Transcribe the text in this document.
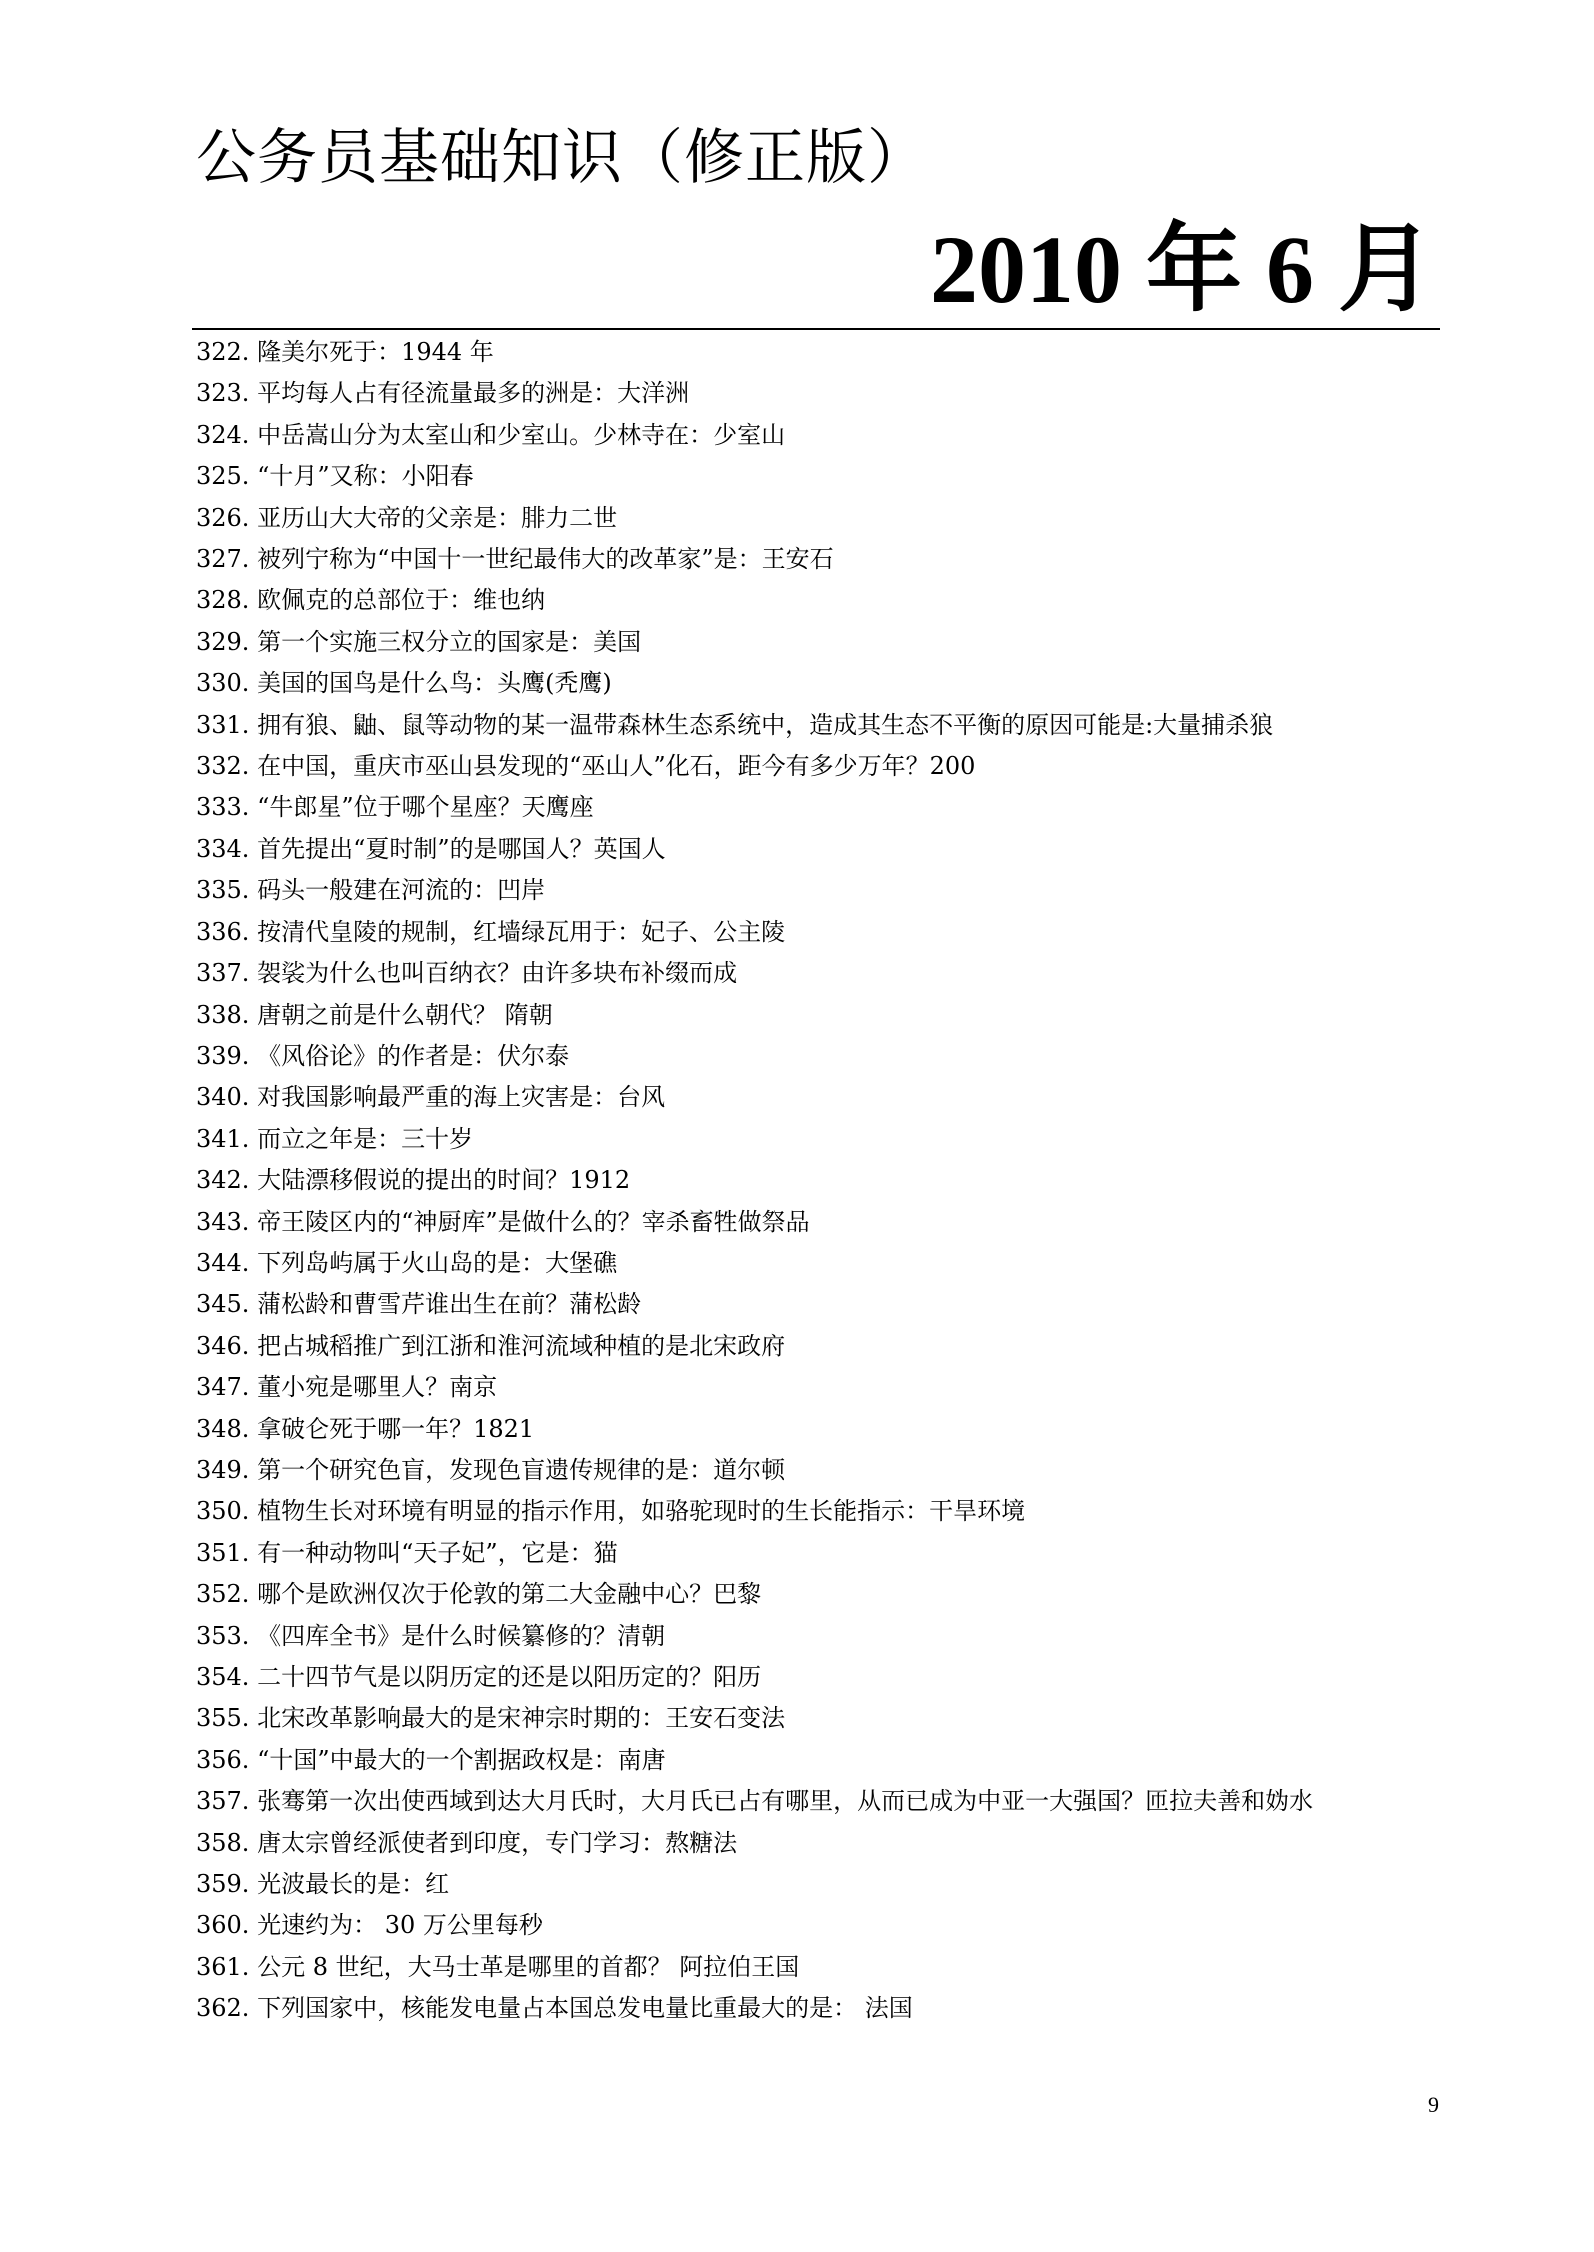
公务员基础知识（修正版）
2010 年 6 月
322. 隆美尔死于：1944 年
323. 平均每人占有径流量最多的洲是：大洋洲
324. 中岳嵩山分为太室山和少室山。少林寺在：少室山
325. “十月”又称：小阳春
326. 亚历山大大帝的父亲是：腓力二世
327. 被列宁称为“中国十一世纪最伟大的改革家”是：王安石
328. 欧佩克的总部位于：维也纳
329. 第一个实施三权分立的国家是：美国
330. 美国的国鸟是什么鸟：头鹰(秃鹰)
331. 拥有狼、鼬、鼠等动物的某一温带森林生态系统中，造成其生态不平衡的原因可能是:大量捕杀狼
332. 在中国，重庆市巫山县发现的“巫山人”化石，距今有多少万年？200
333. “牛郎星”位于哪个星座？天鹰座
334. 首先提出“夏时制”的是哪国人？英国人
335. 码头一般建在河流的：凹岸
336. 按清代皇陵的规制，红墙绿瓦用于：妃子、公主陵
337. 袈裟为什么也叫百纳衣？由许多块布补缀而成
338. 唐朝之前是什么朝代？ 隋朝
339. 《风俗论》的作者是：伏尔泰
340. 对我国影响最严重的海上灾害是：台风
341. 而立之年是：三十岁
342. 大陆漂移假说的提出的时间？1912
343. 帝王陵区内的“神厨库”是做什么的？宰杀畜牲做祭品
344. 下列岛屿属于火山岛的是：大堡礁
345. 蒲松龄和曹雪芹谁出生在前？蒲松龄
346. 把占城稻推广到江浙和淮河流域种植的是北宋政府
347. 董小宛是哪里人？南京
348. 拿破仑死于哪一年？1821
349. 第一个研究色盲，发现色盲遗传规律的是：道尔顿
350. 植物生长对环境有明显的指示作用，如骆驼现时的生长能指示：干旱环境
351. 有一种动物叫“天子妃”，它是：猫
352. 哪个是欧洲仅次于伦敦的第二大金融中心？巴黎
353. 《四库全书》是什么时候纂修的？清朝
354. 二十四节气是以阴历定的还是以阳历定的？阳历
355. 北宋改革影响最大的是宋神宗时期的：王安石变法
356. “十国”中最大的一个割据政权是：南唐
357. 张骞第一次出使西域到达大月氏时，大月氏已占有哪里，从而已成为中亚一大强国？匝拉夫善和妫水
358. 唐太宗曾经派使者到印度，专门学习：熬糖法
359. 光波最长的是：红
360. 光速约为： 30 万公里每秒
361. 公元 8 世纪，大马士革是哪里的首都？ 阿拉伯王国
362. 下列国家中，核能发电量占本国总发电量比重最大的是： 法国
9
